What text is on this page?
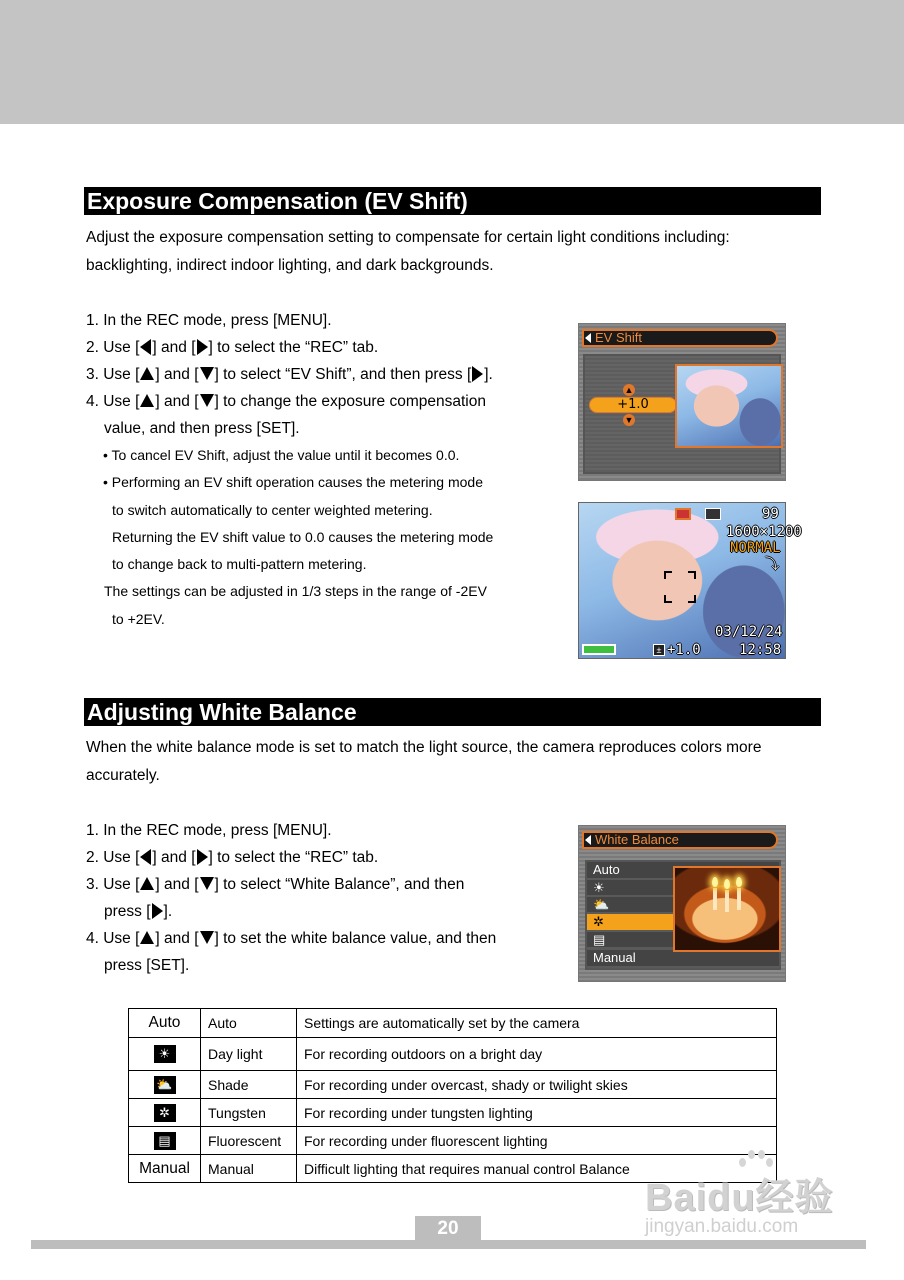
Exposure Compensation (EV Shift)
Adjust the exposure compensation setting to compensate for certain light conditions including:
backlighting, indirect indoor lighting, and dark backgrounds.
1. In the REC mode, press [MENU].
2. Use [ ] and [ ] to select the “REC” tab.
3. Use [ ] and [ ] to select “EV Shift”, and then press [ ].
4. Use [ ] and [ ] to change the exposure compensation
value, and then press [SET].
• To cancel EV Shift, adjust the value until it becomes 0.0.
• Performing an EV shift operation causes the metering mode
to switch automatically to center weighted metering.
Returning the EV shift value to 0.0 causes the metering mode
to change back to multi-pattern metering.
The settings can be adjusted in 1/3 steps in the range of -2EV
to +2EV.
EV Shift
▲
+1.0
▼
99
1600×1200
NORMAL
⤵
03/12/24
± +1.0	12:58
Adjusting White Balance
When the white balance mode is set to match the light source, the camera reproduces colors more
accurately.
1. In the REC mode, press [MENU].
2. Use [ ] and [ ] to select the “REC” tab.
3. Use [ ] and [ ] to select “White Balance”, and then
press [ ].
4. Use [ ] and [ ] to set the white balance value, and then
press [SET].
White Balance
Auto
☀
⛅
✲
▤
Manual
Auto	Auto	Settings are automatically set by the camera
☀	Day light	For recording outdoors on a bright day
⛅	Shade	For recording under overcast, shady or twilight skies
✲	Tungsten	For recording under tungsten lighting
▤	Fluorescent	For recording under fluorescent lighting
Manual	Manual	Difficult lighting that requires manual control Balance
20
Baidu经验
jingyan.baidu.com
